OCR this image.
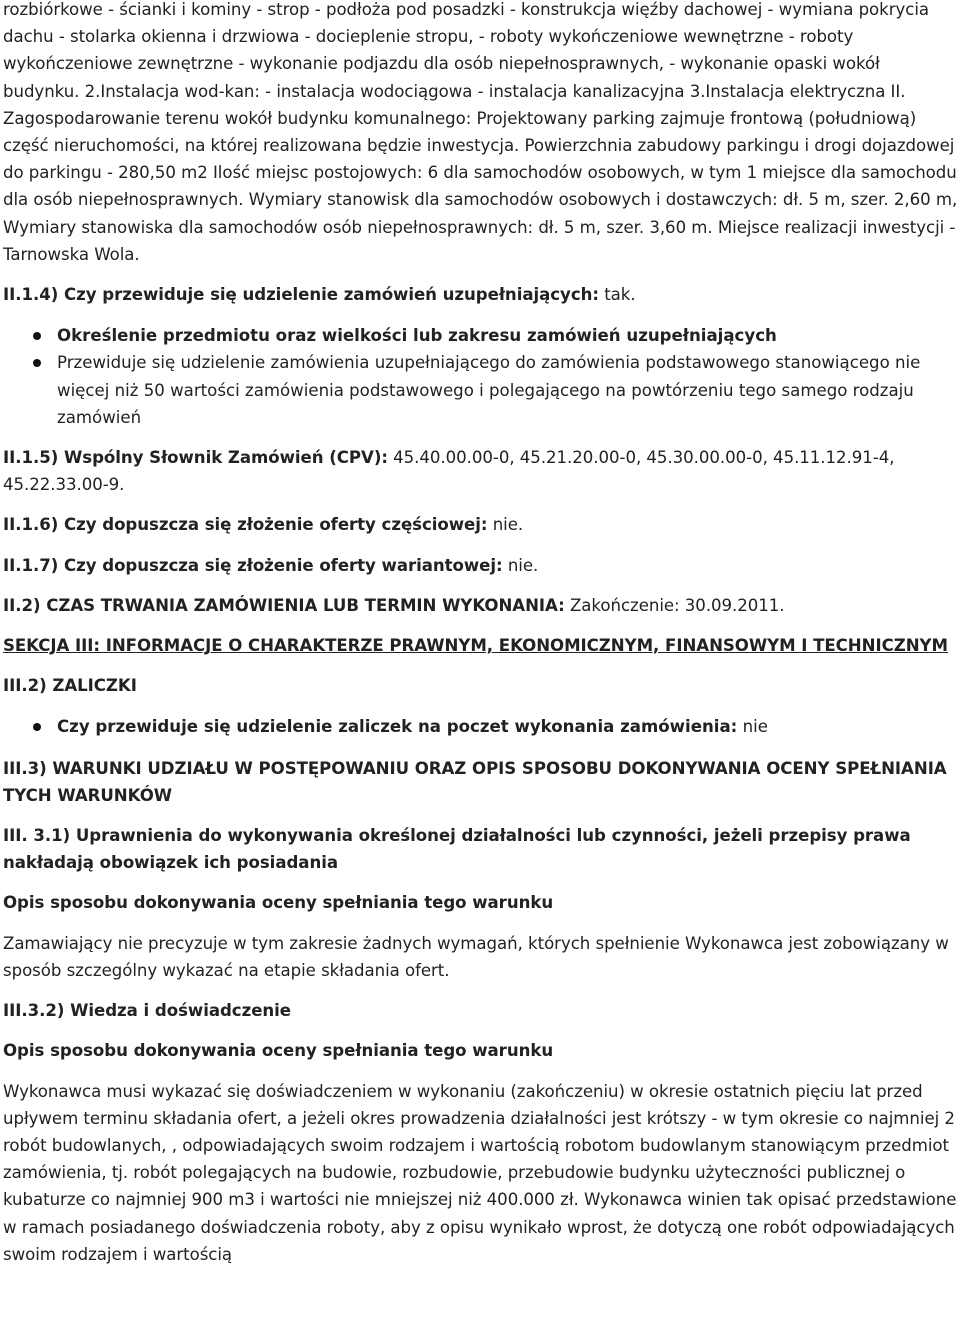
rozbiórkowe - ścianki i kominy - strop - podłoża pod posadzki - konstrukcja więźby dachowej - wymiana pokrycia dachu - stolarka okienna i drzwiowa - docieplenie stropu, - roboty wykończeniowe wewnętrzne - roboty wykończeniowe zewnętrzne - wykonanie podjazdu dla osób niepełnosprawnych, - wykonanie opaski wokół budynku. 2.Instalacja wod-kan: - instalacja wodociągowa - instalacja kanalizacyjna 3.Instalacja elektryczna II. Zagospodarowanie terenu wokół budynku komunalnego: Projektowany parking zajmuje frontową (południową) część nieruchomości, na której realizowana będzie inwestycja. Powierzchnia zabudowy parkingu i drogi dojazdowej do parkingu - 280,50 m2 Ilość miejsc postojowych: 6 dla samochodów osobowych, w tym 1 miejsce dla samochodu dla osób niepełnosprawnych. Wymiary stanowisk dla samochodów osobowych i dostawczych: dł. 5 m, szer. 2,60 m, Wymiary stanowiska dla samochodów osób niepełnosprawnych: dł. 5 m, szer. 3,60 m. Miejsce realizacji inwestycji - Tarnowska Wola.

II.1.4) Czy przewiduje się udzielenie zamówień uzupełniających: tak.

Określenie przedmiotu oraz wielkości lub zakresu zamówień uzupełniających
Przewiduje się udzielenie zamówienia uzupełniającego do zamówienia podstawowego stanowiącego nie więcej niż 50 wartości zamówienia podstawowego i polegającego na powtórzeniu tego samego rodzaju zamówień

II.1.5) Wspólny Słownik Zamówień (CPV): 45.40.00.00-0, 45.21.20.00-0, 45.30.00.00-0, 45.11.12.91-4, 45.22.33.00-9.

II.1.6) Czy dopuszcza się złożenie oferty częściowej: nie.

II.1.7) Czy dopuszcza się złożenie oferty wariantowej: nie.

II.2) CZAS TRWANIA ZAMÓWIENIA LUB TERMIN WYKONANIA: Zakończenie: 30.09.2011.

SEKCJA III: INFORMACJE O CHARAKTERZE PRAWNYM, EKONOMICZNYM, FINANSOWYM I TECHNICZNYM

III.2) ZALICZKI

Czy przewiduje się udzielenie zaliczek na poczet wykonania zamówienia: nie

III.3) WARUNKI UDZIAŁU W POSTĘPOWANIU ORAZ OPIS SPOSOBU DOKONYWANIA OCENY SPEŁNIANIA TYCH WARUNKÓW

III. 3.1) Uprawnienia do wykonywania określonej działalności lub czynności, jeżeli przepisy prawa nakładają obowiązek ich posiadania

Opis sposobu dokonywania oceny spełniania tego warunku

Zamawiający nie precyzuje w tym zakresie żadnych wymagań, których spełnienie Wykonawca jest zobowiązany w sposób szczególny wykazać na etapie składania ofert.

III.3.2) Wiedza i doświadczenie

Opis sposobu dokonywania oceny spełniania tego warunku

Wykonawca musi wykazać się doświadczeniem w wykonaniu (zakończeniu) w okresie ostatnich pięciu lat przed upływem terminu składania ofert, a jeżeli okres prowadzenia działalności jest krótszy - w tym okresie co najmniej 2 robót budowlanych, , odpowiadających swoim rodzajem i wartością robotom budowlanym stanowiącym przedmiot zamówienia, tj. robót polegających na budowie, rozbudowie, przebudowie budynku użyteczności publicznej o kubaturze co najmniej 900 m3 i wartości nie mniejszej niż 400.000 zł. Wykonawca winien tak opisać przedstawione w ramach posiadanego doświadczenia roboty, aby z opisu wynikało wprost, że dotyczą one robót odpowiadających swoim rodzajem i wartością
